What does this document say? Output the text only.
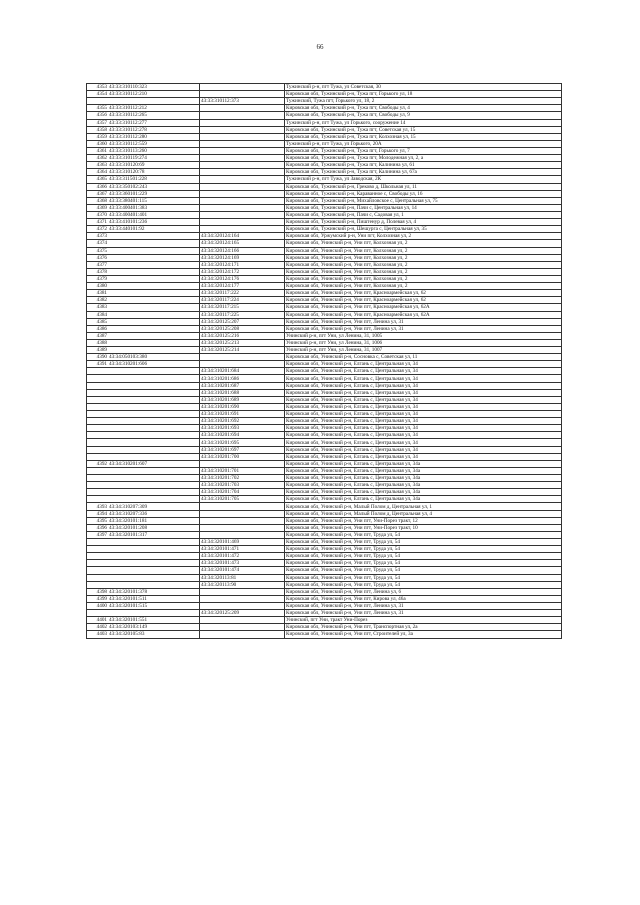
66
4353	43:33:310110:323		Тужинский р-н, пгт Тужа, ул Советская, 30
4354	43:33:310112:210		Кировская обл, Тужинский р-н, Тужа пгт, Горького ул, 18
		43:33:310112:373	Тужинский, Тужа пгт, Горького ул, 18, 2
4355	43:33:310112:212		Кировская обл, Тужинский р-н, Тужа пгт, Свободы ул, 4
4356	43:33:310112:265		Кировская обл, Тужинский р-н, Тужа пгт, Свободы ул, 9
4357	43:33:310112:277		Тужинский р-н, пгт Тужа, ул Горького, сооружение 14
4358	43:33:310112:278		Кировская обл, Тужинский р-н, Тужа пгт, Советская ул, 15
4359	43:33:310112:280		Кировская обл, Тужинский р-н, Тужа пгт, Колхозная ул, 15
4360	43:33:310112:559		Тужинский р-н, пгт Тужа, ул Горького, 20А
4361	43:33:310113:260		Кировская обл, Тужинский р-н, Тужа пгт, Горького ул, 7
4362	43:33:310119:274		Кировская обл, Тужинский р-н, Тужа пгт, Молодежная ул, 2, а
4363	43:33:310120:69		Кировская обл, Тужинский р-н, Тужа пгт, Калинина ул, 61
4364	43:33:310120:78		Кировская обл, Тужинский р-н, Тужа пгт, Калинина ул, 67а
4365	43:33:311501:228		Тужинский р-н, пгт Тужа, ул Заводская, 2К
4366	43:33:350102:243		Кировская обл, Тужинский р-н, Греково д, Школьная ул, 11
4367	43:33:360101:229		Кировская обл, Тужинский р-н, Караванное с, Свободы ул, 16
4368	43:33:380401:115		Кировская обл, Тужинский р-н, Михайловское с, Центральная ул, 75
4369	43:33:400401:383		Кировская обл, Тужинский р-н, Пачи с, Центральная ул, 14
4370	43:33:400401:401		Кировская обл, Тужинский р-н, Пачи с, Садовая ул, 1
4371	43:33:410101:236		Кировская обл, Тужинский р-н, Пиштенур д, Полевая ул, 4
4372	43:33:440101:92		Кировская обл, Тужинский р-н, Шешурга с, Центральная ул, 35
4373		43:34:320124:164	Кировская обл, Уржумский р-н, Уни пгт, Колхозная ул, 2
4374		43:34:320124:165	Кировская обл, Унинский р-н, Уни пгт, Колхозная ул, 2
4375		43:34:320124:166	Кировская обл, Унинский р-н, Уни пгт, Колхозная ул, 2
4376		43:34:320124:169	Кировская обл, Унинский р-н, Уни пгт, Колхозная ул, 2
4377		43:34:320124:171	Кировская обл, Унинский р-н, Уни пгт, Колхозная ул, 2
4378		43:34:320124:172	Кировская обл, Унинский р-н, Уни пгт, Колхозная ул, 2
4379		43:34:320124:176	Кировская обл, Унинский р-н, Уни пгт, Колхозная ул, 2
4380		43:34:320124:177	Кировская обл, Унинский р-н, Уни пгт, Колхозная ул, 2
4381		43:34:320117:222	Кировская обл, Унинский р-н, Уни пгт, Красноармейская ул, 62
4382		43:34:320117:224	Кировская обл, Унинский р-н, Уни пгт, Красноармейская ул, 62
4383		43:34:320117:215	Кировская обл, Унинский р-н, Уни пгт, Красноармейская ул, 62А
4384		43:34:320117:225	Кировская обл, Унинский р-н, Уни пгт, Красноармейская ул, 62А
4385		43:34:320125:207	Кировская обл, Унинский р-н, Уни пгт, Ленина ул, 31
4386		43:34:320125:208	Кировская обл, Унинский р-н, Уни пгт, Ленина ул, 31
4387		43:34:320125:216	Унинский р-н, пгт Уни, ул Ленина, 31, 1005
4388		43:34:320125:213	Унинский р-н, пгт Уни, ул Ленина, 31, 1006
4389		43:34:320125:214	Унинский р-н, пгт Уни, ул Ленина, 31, 1007
4390	43:34:050103:380		Кировская обл, Унинский р-н, Сосновка с, Советская ул, 11
4391	43:34:310201:606		Кировская обл, Унинский р-н, Елгань с, Центральная ул, 34
		43:34:310201:684	Кировская обл, Унинский р-н, Елгань с, Центральная ул, 34
		43:34:310201:686	Кировская обл, Унинский р-н, Елгань с, Центральная ул, 34
		43:34:310201:687	Кировская обл, Унинский р-н, Елгань с, Центральная ул, 34
		43:34:310201:688	Кировская обл, Унинский р-н, Елгань с, Центральная ул, 34
		43:34:310201:689	Кировская обл, Унинский р-н, Елгань с, Центральная ул, 34
		43:34:310201:690	Кировская обл, Унинский р-н, Елгань с, Центральная ул, 34
		43:34:310201:691	Кировская обл, Унинский р-н, Елгань с, Центральная ул, 34
		43:34:310201:692	Кировская обл, Унинский р-н, Елгань с, Центральная ул, 34
		43:34:310201:693	Кировская обл, Унинский р-н, Елгань с, Центральная ул, 34
		43:34:310201:694	Кировская обл, Унинский р-н, Елгань с, Центральная ул, 34
		43:34:310201:695	Кировская обл, Унинский р-н, Елгань с, Центральная ул, 34
		43:34:310201:697	Кировская обл, Унинский р-н, Елгань с, Центральная ул, 34
		43:34:310201:700	Кировская обл, Унинский р-н, Елгань с, Центральная ул, 34
4392	43:34:310201:607		Кировская обл, Унинский р-н, Елгань с, Центральная ул, 34а
		43:34:310201:701	Кировская обл, Унинский р-н, Елгань с, Центральная ул, 34а
		43:34:310201:702	Кировская обл, Унинский р-н, Елгань с, Центральная ул, 34а
		43:34:310201:703	Кировская обл, Унинский р-н, Елгань с, Центральная ул, 34а
		43:34:310201:704	Кировская обл, Унинский р-н, Елгань с, Центральная ул, 34а
		43:34:310201:705	Кировская обл, Унинский р-н, Елгань с, Центральная ул, 34а
4393	43:34:310207:309		Кировская обл, Унинский р-н, Малый Полом д, Центральная ул, 1
4394	43:34:310207:336		Кировская обл, Унинский р-н, Малый Полом д, Центральная ул, 4
4395	43:34:320101:181		Кировская обл, Унинский р-н, Уни пгт, Уни-Порез тракт, 12
4396	43:34:320101:208		Кировская обл, Унинский р-н, Уни пгт, Уни-Порез тракт, 10
4397	43:34:320101:317		Кировская обл, Унинский р-н, Уни пгт, Труда ул, 54
		43:34:320101:469	Кировская обл, Унинский р-н, Уни пгт, Труда ул, 54
		43:34:320101:471	Кировская обл, Унинский р-н, Уни пгт, Труда ул, 54
		43:34:320101:472	Кировская обл, Унинский р-н, Уни пгт, Труда ул, 54
		43:34:320101:473	Кировская обл, Унинский р-н, Уни пгт, Труда ул, 54
		43:34:320101:474	Кировская обл, Унинский р-н, Уни пгт, Труда ул, 54
		43:34:320113:81	Кировская обл, Унинский р-н, Уни пгт, Труда ул, 54
		43:34:320113:90	Кировская обл, Унинский р-н, Уни пгт, Труда ул, 54
4398	43:34:320101:378		Кировская обл, Унинский р-н, Уни пгт, Ленина ул, 6
4399	43:34:320101:511		Кировская обл, Унинский р-н, Уни пгт, Кирова ул, 46а
4400	43:34:320101:515		Кировская обл, Унинский р-н, Уни пгт, Ленина ул, 31
		43:34:320125:209	Кировская обл, Унинский р-н, Уни пгт, Ленина ул, 31
4401	43:34:320101:551		Унинский, пгт Уни, тракт Уни-Порез
4402	43:34:320103:149		Кировская обл, Унинский р-н, Уни пгт, Транспортная ул, 2а
4403	43:34:320105:83		Кировская обл, Унинский р-н, Уни пгт, Строителей ул, 3а
